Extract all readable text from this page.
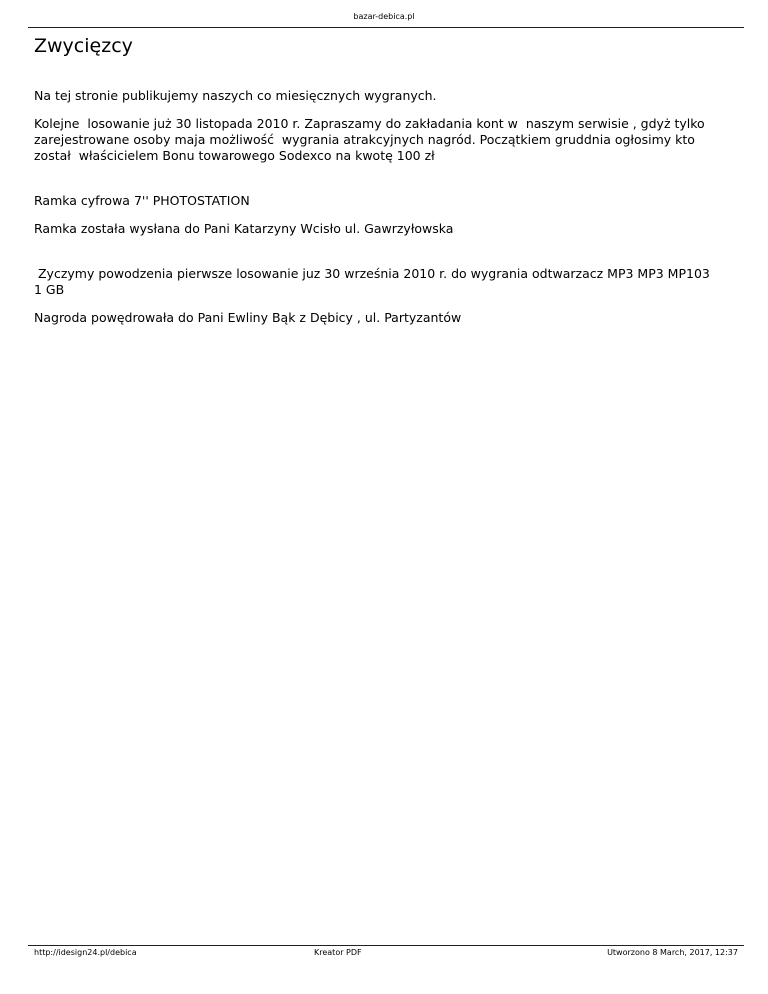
bazar-debica.pl
Zwycięzcy

Na tej stronie publikujemy naszych co miesięcznych wygranych.

Kolejne  losowanie już 30 listopada 2010 r. Zapraszamy do zakładania kont w  naszym serwisie , gdyż tylko zarejestrowane osoby maja możliwość  wygrania atrakcyjnych nagród. Początkiem gruddnia ogłosimy kto został  właścicielem Bonu towarowego Sodexco na kwotę 100 zł

Ramka cyfrowa 7'' PHOTOSTATION

Ramka została wysłana do Pani Katarzyny Wcisło ul. Gawrzyłowska

Zyczymy powodzenia pierwsze losowanie juz 30 września 2010 r. do wygrania odtwarzacz MP3 MP3 MP103 1 GB

Nagroda powędrowała do Pani Ewliny Bąk z Dębicy , ul. Partyzantów

http://idesign24.pl/debica	Kreator PDF	Utworzono 8 March, 2017, 12:37
